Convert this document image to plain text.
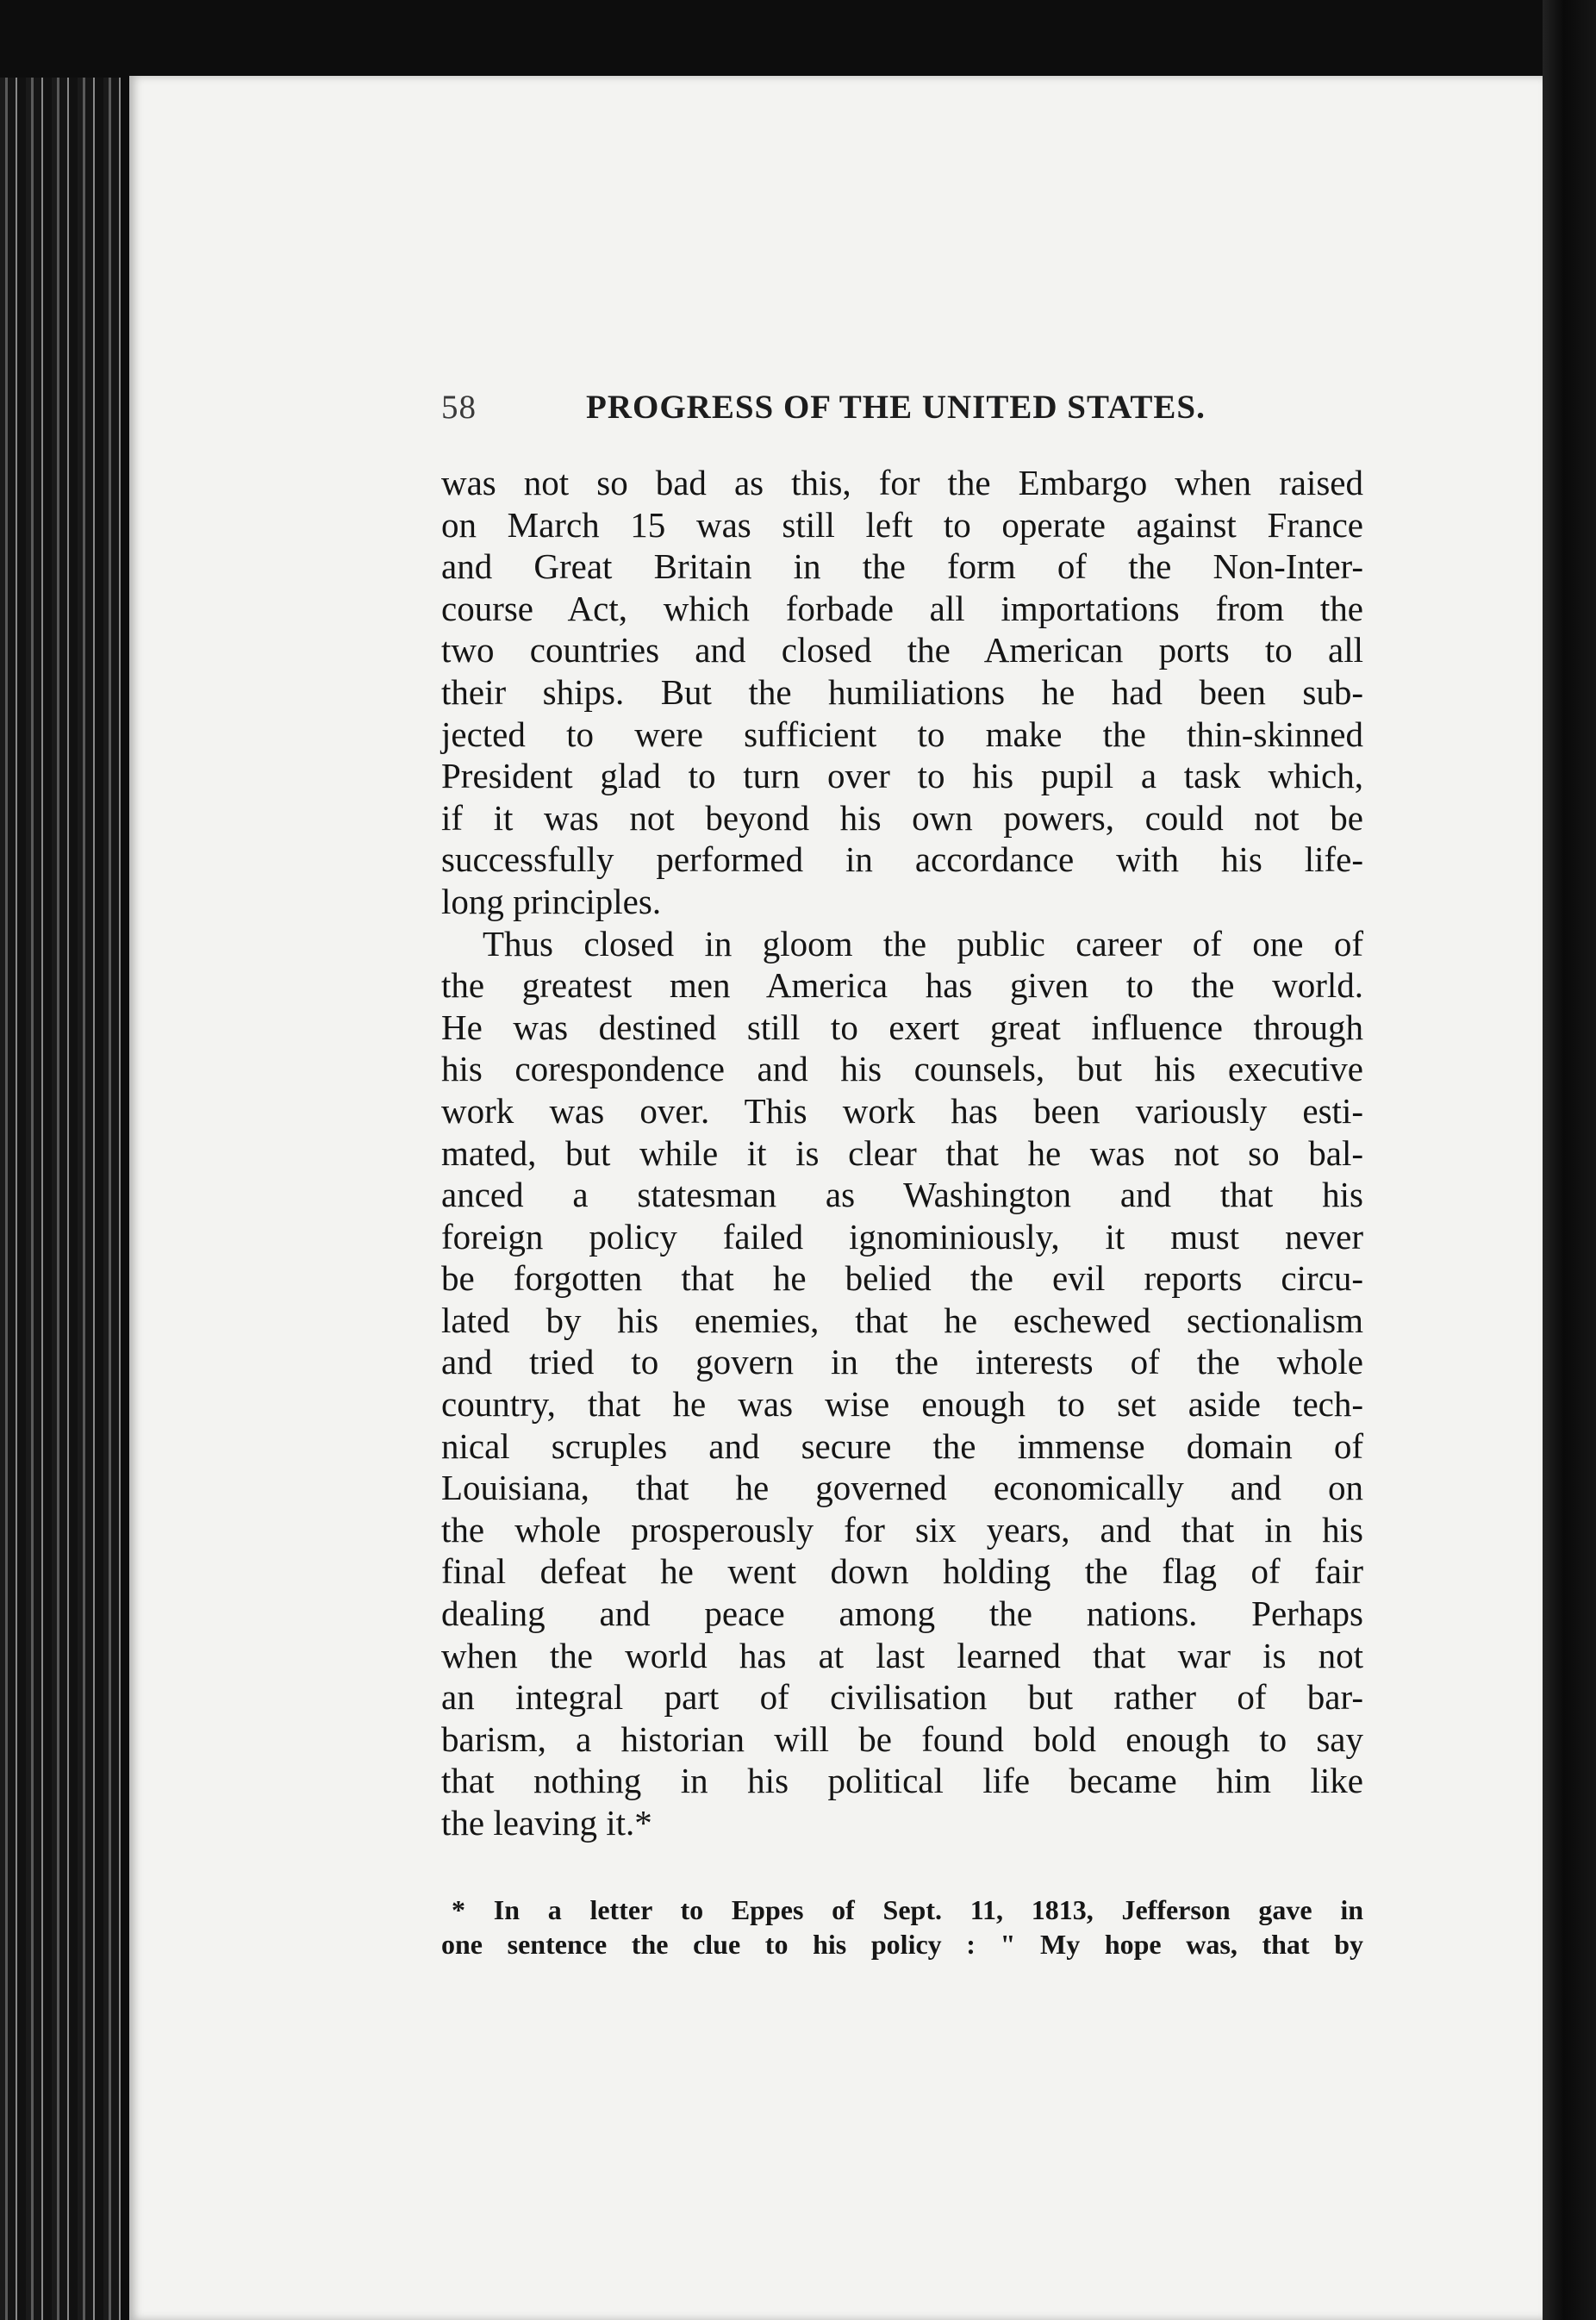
58	PROGRESS OF THE UNITED STATES.
was not so bad as this, for the Embargo when raised
on March 15 was still left to operate against France
and Great Britain in the form of the Non-Inter-
course Act, which forbade all importations from the
two countries and closed the American ports to all
their ships. But the humiliations he had been sub-
jected to were sufficient to make the thin-skinned
President glad to turn over to his pupil a task which,
if it was not beyond his own powers, could not be
successfully performed in accordance with his life-
long principles.
Thus closed in gloom the public career of one of
the greatest men America has given to the world.
He was destined still to exert great influence through
his corespondence and his counsels, but his executive
work was over. This work has been variously esti-
mated, but while it is clear that he was not so bal-
anced a statesman as Washington and that his
foreign policy failed ignominiously, it must never
be forgotten that he belied the evil reports circu-
lated by his enemies, that he eschewed sectionalism
and tried to govern in the interests of the whole
country, that he was wise enough to set aside tech-
nical scruples and secure the immense domain of
Louisiana, that he governed economically and on
the whole prosperously for six years, and that in his
final defeat he went down holding the flag of fair
dealing and peace among the nations. Perhaps
when the world has at last learned that war is not
an integral part of civilisation but rather of bar-
barism, a historian will be found bold enough to say
that nothing in his political life became him like
the leaving it.*
* In a letter to Eppes of Sept. 11, 1813, Jefferson gave in
one sentence the clue to his policy : " My hope was, that by
